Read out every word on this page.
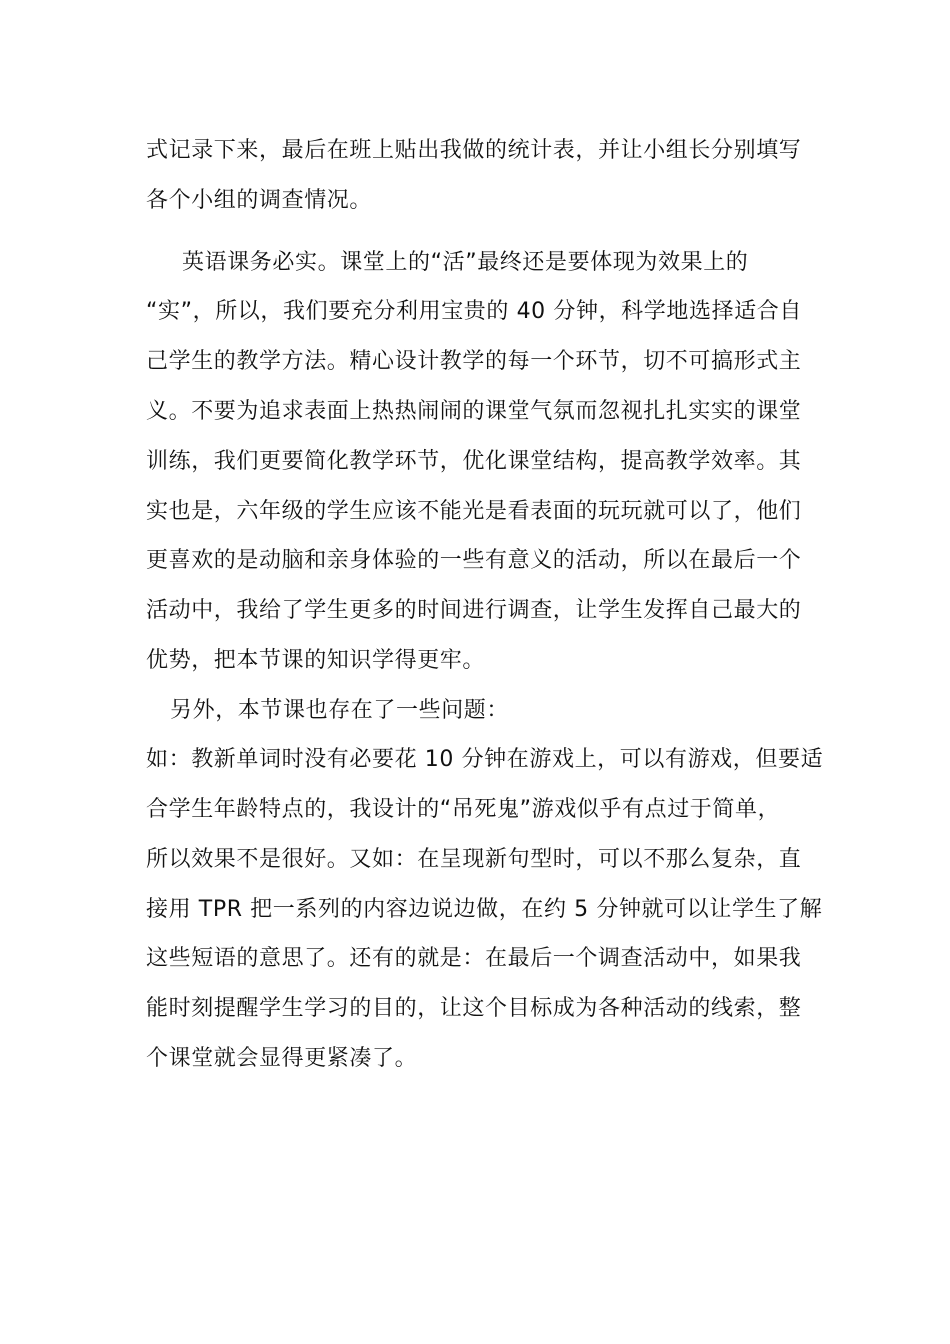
式记录下来，最后在班上贴出我做的统计表，并让小组长分别填写
各个小组的调查情况。
英语课务必实。课堂上的“活”最终还是要体现为效果上的
“实”，所以，我们要充分利用宝贵的 40 分钟，科学地选择适合自
己学生的教学方法。精心设计教学的每一个环节，切不可搞形式主
义。不要为追求表面上热热闹闹的课堂气氛而忽视扎扎实实的课堂
训练，我们更要简化教学环节，优化课堂结构，提高教学效率。其
实也是，六年级的学生应该不能光是看表面的玩玩就可以了，他们
更喜欢的是动脑和亲身体验的一些有意义的活动，所以在最后一个
活动中，我给了学生更多的时间进行调查，让学生发挥自己最大的
优势，把本节课的知识学得更牢。
另外，本节课也存在了一些问题：
如：教新单词时没有必要花 10 分钟在游戏上，可以有游戏，但要适
合学生年龄特点的，我设计的“吊死鬼”游戏似乎有点过于简单，
所以效果不是很好。又如：在呈现新句型时，可以不那么复杂，直
接用 TPR 把一系列的内容边说边做，在约 5 分钟就可以让学生了解
这些短语的意思了。还有的就是：在最后一个调查活动中，如果我
能时刻提醒学生学习的目的，让这个目标成为各种活动的线索，整
个课堂就会显得更紧凑了。
